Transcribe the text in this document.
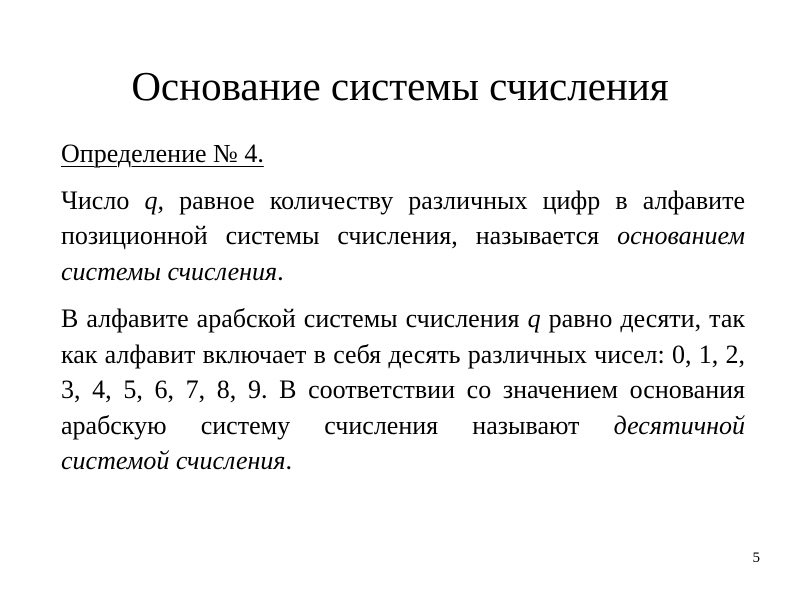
Основание системы счисления

Определение № 4.

Число q, равное количеству различных цифр в алфавите позиционной системы счисления, называется основанием системы счисления.

В алфавите арабской системы счисления q равно десяти, так как алфавит включает в себя десять различных чисел: 0, 1, 2, 3, 4, 5, 6, 7, 8, 9. В соответствии со значением основания арабскую систему счисления называют десятичной системой счисления.

5
